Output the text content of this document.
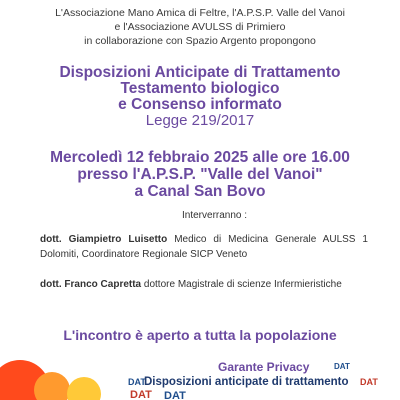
L'Associazione Mano Amica di Feltre, l'A.P.S.P. Valle del Vanoi
e l'Associazione AVULSS di Primiero
in collaborazione con Spazio Argento propongono
Disposizioni Anticipate di Trattamento
Testamento biologico
e Consenso informato
Legge 219/2017
Mercoledì 12 febbraio 2025 alle ore 16.00
presso l'A.P.S.P. "Valle del Vanoi"
a Canal San Bovo
Interverranno :
dott. Giampietro Luisetto Medico di Medicina Generale AULSS 1 Dolomiti, Coordinatore Regionale SICP Veneto
dott. Franco Capretta dottore Magistrale di scienze Infermieristiche
L'incontro è aperto a tutta la popolazione
Garante Privacy	DAT
DAT
Disposizioni anticipate di trattamento DAT
DAT DAT
